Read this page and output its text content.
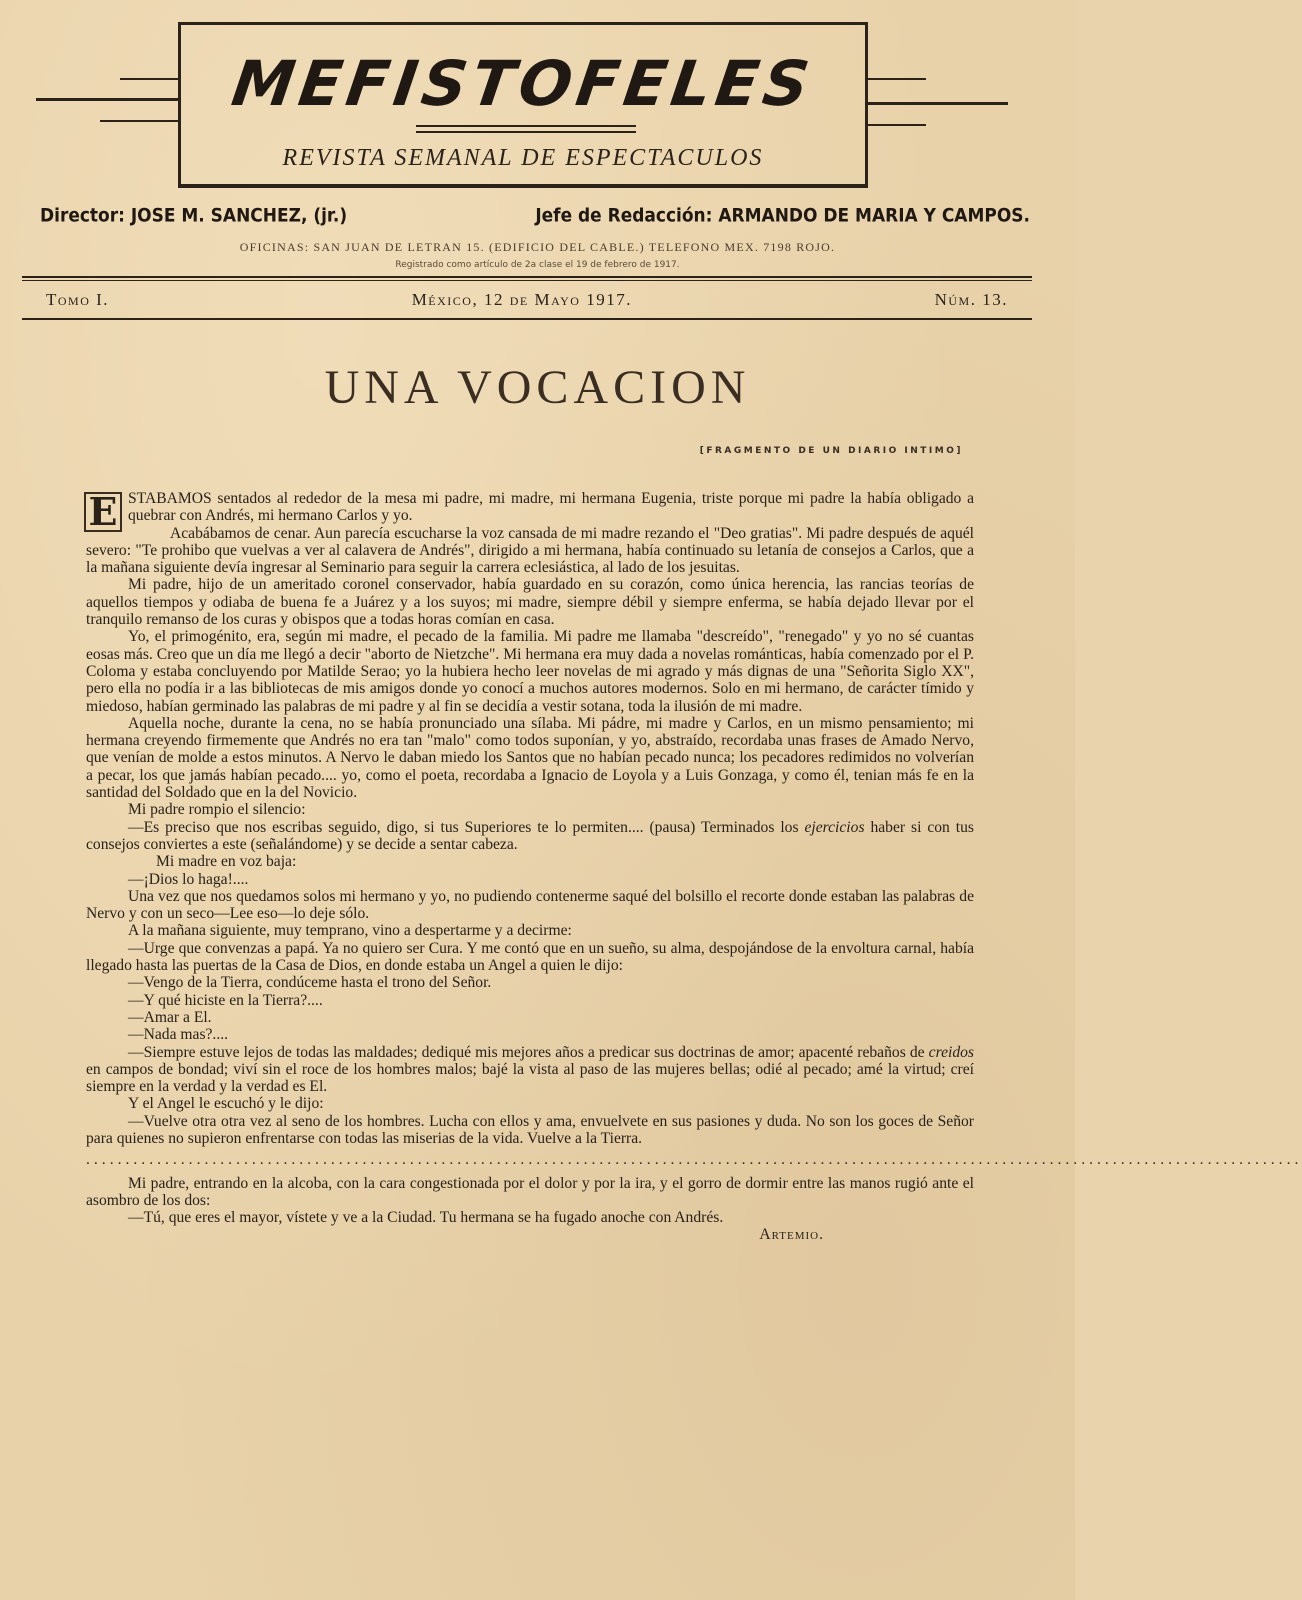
MEFISTOFELES
REVISTA SEMANAL DE ESPECTACULOS
Director: JOSE M. SANCHEZ, (jr.)	Jefe de Redacción: ARMANDO DE MARIA Y CAMPOS.
OFICINAS: SAN JUAN DE LETRAN 15. (EDIFICIO DEL CABLE.) TELEFONO MEX. 7198 ROJO.
Registrado como artículo de 2a clase el 19 de febrero de 1917.
Tomo I.	México, 12 de Mayo 1917.	Núm. 13.
UNA VOCACION
[FRAGMENTO DE UN DIARIO INTIMO]

E STABAMOS sentados al rededor de la mesa mi padre, mi madre, mi hermana Eugenia, triste porque mi padre la había obligado a quebrar con Andrés, mi hermano Carlos y yo.

Acabábamos de cenar. Aun parecía escucharse la voz cansada de mi madre rezando el "Deo gratias". Mi padre después de aquél severo: "Te prohibo que vuelvas a ver al calavera de Andrés", dirigido a mi hermana, había continuado su letanía de consejos a Carlos, que a la mañana siguiente devía ingresar al Seminario para seguir la carrera eclesiástica, al lado de los jesuitas.

Mi padre, hijo de un ameritado coronel conservador, había guardado en su corazón, como única herencia, las rancias teorías de aquellos tiempos y odiaba de buena fe a Juárez y a los suyos; mi madre, siempre débil y siempre enferma, se había dejado llevar por el tranquilo remanso de los curas y obispos que a todas horas comían en casa.

Yo, el primogénito, era, según mi madre, el pecado de la familia. Mi padre me llamaba "descreído", "renegado" y yo no sé cuantas eosas más. Creo que un día me llegó a decir "aborto de Nietzche". Mi hermana era muy dada a novelas románticas, había comenzado por el P. Coloma y estaba concluyendo por Matilde Serao; yo la hubiera hecho leer novelas de mi agrado y más dignas de una "Señorita Siglo XX", pero ella no podía ir a las bibliotecas de mis amigos donde yo conocí a muchos autores modernos. Solo en mi hermano, de carácter tímido y miedoso, habían germinado las palabras de mi padre y al fin se decidía a vestir sotana, toda la ilusión de mi madre.

Aquella noche, durante la cena, no se había pronunciado una sílaba. Mi pádre, mi madre y Carlos, en un mismo pensamiento; mi hermana creyendo firmemente que Andrés no era tan "malo" como todos suponían, y yo, abstraído, recordaba unas frases de Amado Nervo, que venían de molde a estos minutos. A Nervo le daban miedo los Santos que no habían pecado nunca; los pecadores redimidos no volverían a pecar, los que jamás habían pecado.... yo, como el poeta, recordaba a Ignacio de Loyola y a Luis Gonzaga, y como él, tenian más fe en la santidad del Soldado que en la del Novicio.

Mi padre rompio el silencio:

—Es preciso que nos escribas seguido, digo, si tus Superiores te lo permiten.... (pausa) Terminados los ejercicios haber si con tus consejos conviertes a este (señalándome) y se decide a sentar cabeza.

Mi madre en voz baja:

—¡Dios lo haga!....

Una vez que nos quedamos solos mi hermano y yo, no pudiendo contenerme saqué del bolsillo el recorte donde estaban las palabras de Nervo y con un seco—Lee eso—lo deje sólo.

A la mañana siguiente, muy temprano, vino a despertarme y a decirme:

—Urge que convenzas a papá. Ya no quiero ser Cura. Y me contó que en un sueño, su alma, despojándose de la envoltura carnal, había llegado hasta las puertas de la Casa de Dios, en donde estaba un Angel a quien le dijo:

—Vengo de la Tierra, condúceme hasta el trono del Señor.

—Y qué hiciste en la Tierra?....

—Amar a El.

—Nada mas?....

—Siempre estuve lejos de todas las maldades; dediqué mis mejores años a predicar sus doctrinas de amor; apacenté rebaños de creidos en campos de bondad; viví sin el roce de los hombres malos; bajé la vista al paso de las mujeres bellas; odié al pecado; amé la virtud; creí siempre en la verdad y la verdad es El.

Y el Angel le escuchó y le dijo:

—Vuelve otra otra vez al seno de los hombres. Lucha con ellos y ama, envuelvete en sus pasiones y duda. No son los goces de Señor para quienes no supieron enfrentarse con todas las miserias de la vida. Vuelve a la Tierra.

..........................................................................................................................................................

Mi padre, entrando en la alcoba, con la cara congestionada por el dolor y por la ira, y el gorro de dormir entre las manos rugió ante el asombro de los dos:

—Tú, que eres el mayor, vístete y ve a la Ciudad. Tu hermana se ha fugado anoche con Andrés.

Artemio.
